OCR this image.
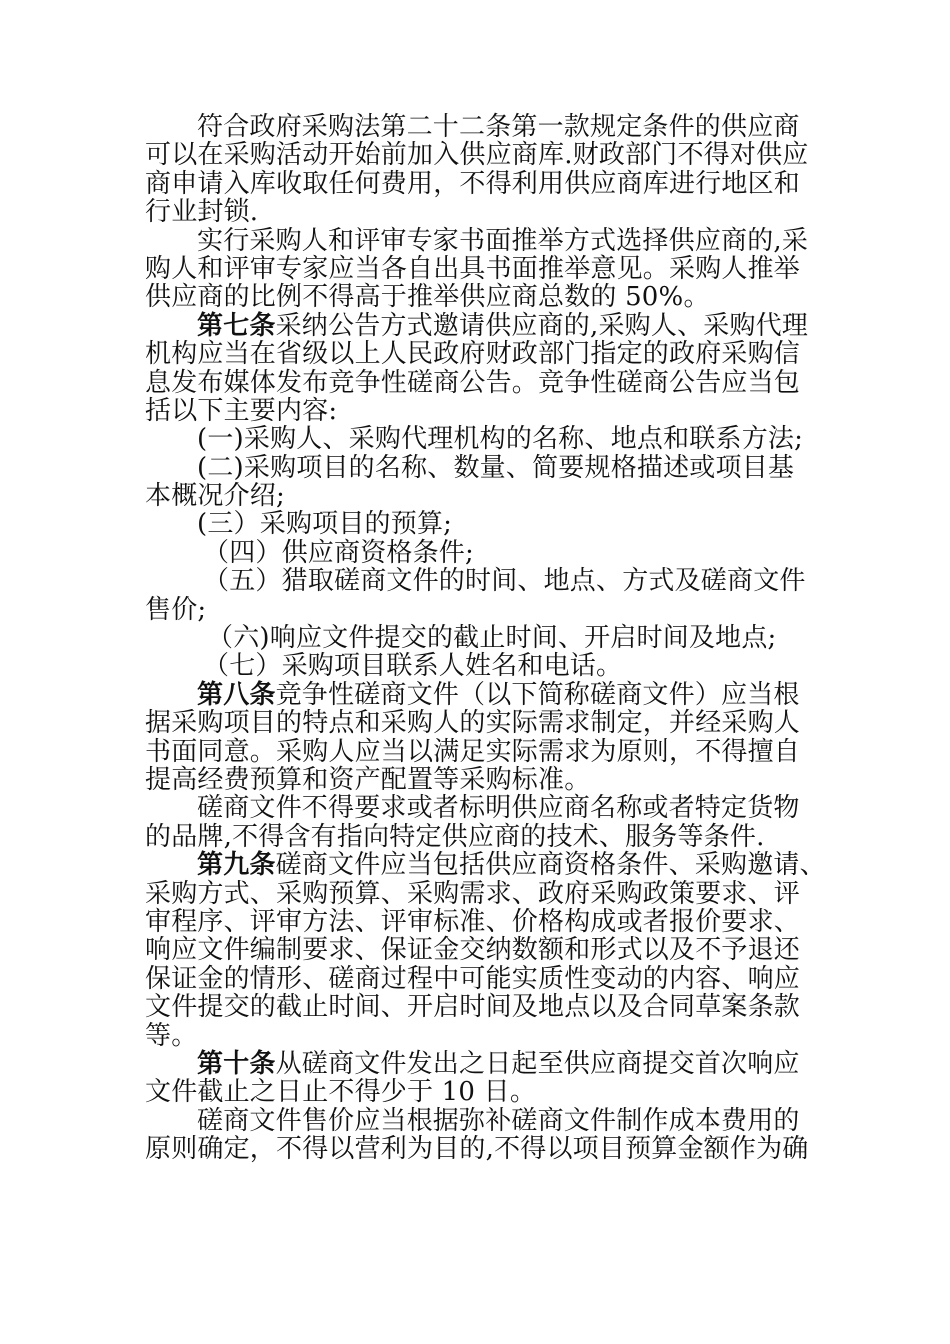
符合政府采购法第二十二条第一款规定条件的供应商
可以在采购活动开始前加入供应商库.财政部门不得对供应
商申请入库收取任何费用，不得利用供应商库进行地区和
行业封锁.
实行采购人和评审专家书面推举方式选择供应商的,采
购人和评审专家应当各自出具书面推举意见。采购人推举
供应商的比例不得高于推举供应商总数的 50%。
第七条采纳公告方式邀请供应商的,采购人、采购代理
机构应当在省级以上人民政府财政部门指定的政府采购信
息发布媒体发布竞争性磋商公告。竞争性磋商公告应当包
括以下主要内容:
(一)采购人、采购代理机构的名称、地点和联系方法;
(二)采购项目的名称、数量、简要规格描述或项目基
本概况介绍;
(三）采购项目的预算;
（四）供应商资格条件;
（五）猎取磋商文件的时间、地点、方式及磋商文件
售价;
（六)响应文件提交的截止时间、开启时间及地点;
（七）采购项目联系人姓名和电话。
第八条竞争性磋商文件（以下简称磋商文件）应当根
据采购项目的特点和采购人的实际需求制定，并经采购人
书面同意。采购人应当以满足实际需求为原则，不得擅自
提高经费预算和资产配置等采购标准。
磋商文件不得要求或者标明供应商名称或者特定货物
的品牌,不得含有指向特定供应商的技术、服务等条件.
第九条磋商文件应当包括供应商资格条件、采购邀请、
采购方式、采购预算、采购需求、政府采购政策要求、评
审程序、评审方法、评审标准、价格构成或者报价要求、
响应文件编制要求、保证金交纳数额和形式以及不予退还
保证金的情形、磋商过程中可能实质性变动的内容、响应
文件提交的截止时间、开启时间及地点以及合同草案条款
等。
第十条从磋商文件发出之日起至供应商提交首次响应
文件截止之日止不得少于 10 日。
磋商文件售价应当根据弥补磋商文件制作成本费用的
原则确定，不得以营利为目的,不得以项目预算金额作为确
